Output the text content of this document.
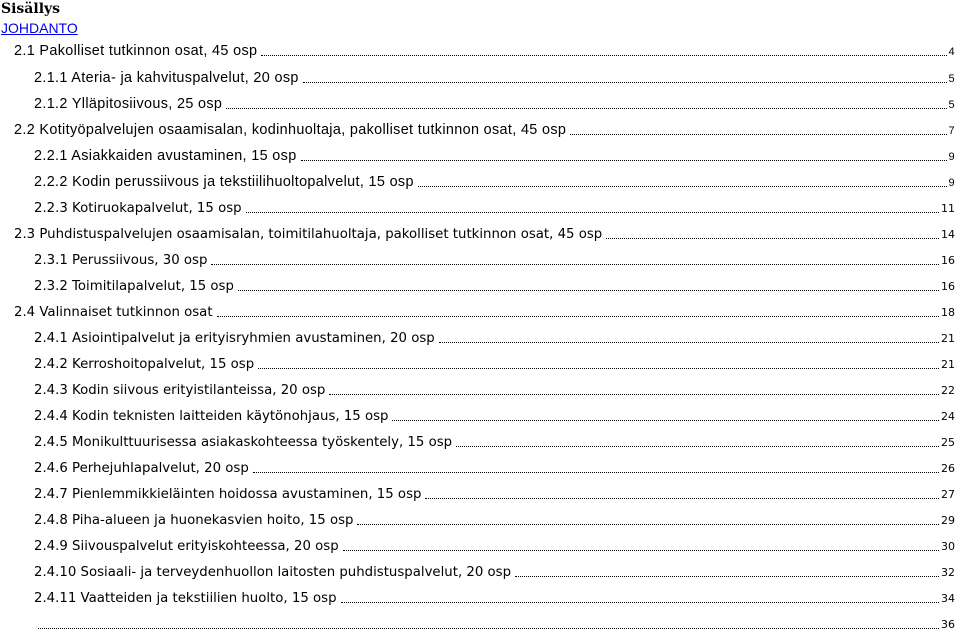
Sisällys
JOHDANTO
2.1 Pakolliset tutkinnon osat, 45 osp	4
2.1.1 Ateria- ja kahvituspalvelut, 20 osp	5
2.1.2 Ylläpitosiivous, 25 osp	5
2.2 Kotityöpalvelujen osaamisalan, kodinhuoltaja, pakolliset tutkinnon osat, 45 osp	7
2.2.1 Asiakkaiden avustaminen, 15 osp	9
2.2.2 Kodin perussiivous ja tekstiilihuoltopalvelut, 15 osp	9
2.2.3 Kotiruokapalvelut, 15 osp	11
2.3 Puhdistuspalvelujen osaamisalan, toimitilahuoltaja, pakolliset tutkinnon osat, 45 osp	14
2.3.1 Perussiivous, 30 osp	16
2.3.2 Toimitilapalvelut, 15 osp	16
2.4 Valinnaiset tutkinnon osat	18
2.4.1 Asiointipalvelut ja erityisryhmien avustaminen, 20 osp	21
2.4.2 Kerroshoitopalvelut, 15 osp	21
2.4.3 Kodin siivous erityistilanteissa, 20 osp	22
2.4.4 Kodin teknisten laitteiden käytönohjaus, 15 osp	24
2.4.5 Monikulttuurisessa asiakaskohteessa työskentely, 15 osp	25
2.4.6 Perhejuhlapalvelut, 20 osp	26
2.4.7 Pienlemmikkieläinten hoidossa avustaminen, 15 osp	27
2.4.8 Piha-alueen ja huonekasvien hoito, 15 osp	29
2.4.9 Siivouspalvelut erityiskohteessa, 20 osp	30
2.4.10 Sosiaali- ja terveydenhuollon laitosten puhdistuspalvelut, 20 osp	32
2.4.11 Vaatteiden ja tekstiilien huolto, 15 osp	34
36
